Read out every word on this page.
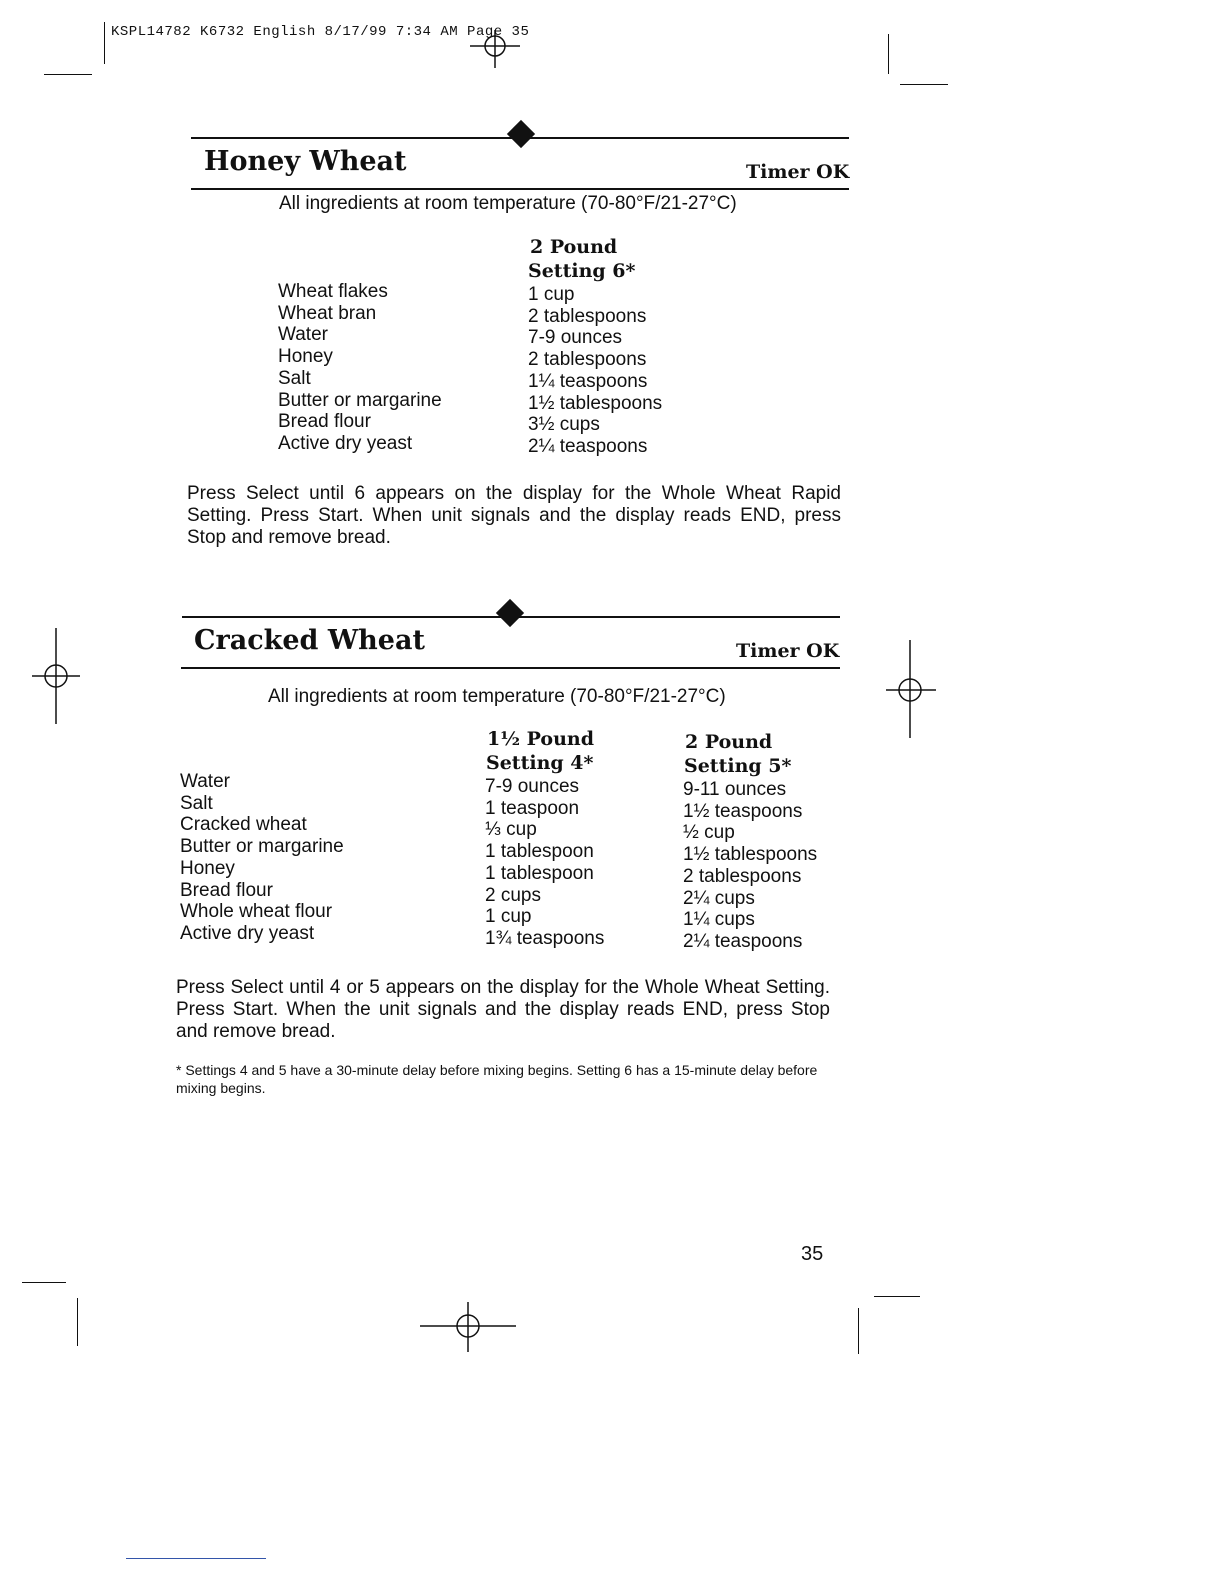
KSPL14782 K6732 English 8/17/99 7:34 AM Page 35
Honey Wheat	Timer OK
All ingredients at room temperature (70-80°F/21-27°C)
2 Pound
Setting 6*
Wheat flakes
Wheat bran
Water
Honey
Salt
Butter or margarine
Bread flour
Active dry yeast
1 cup
2 tablespoons
7-9 ounces
2 tablespoons
1¼ teaspoons
1½ tablespoons
3½ cups
2¼ teaspoons

Press Select until 6 appears on the display for the Whole Wheat Rapid Setting. Press Start. When unit signals and the display reads END, press Stop and remove bread.

Cracked Wheat	Timer OK
All ingredients at room temperature (70-80°F/21-27°C)
1½ Pound
Setting 4*
2 Pound
Setting 5*
Water
Salt
Cracked wheat
Butter or margarine
Honey
Bread flour
Whole wheat flour
Active dry yeast
7-9 ounces
1 teaspoon
⅓ cup
1 tablespoon
1 tablespoon
2 cups
1 cup
1¾ teaspoons
9-11 ounces
1½ teaspoons
½ cup
1½ tablespoons
2 tablespoons
2¼ cups
1¼ cups
2¼ teaspoons

Press Select until 4 or 5 appears on the display for the Whole Wheat Setting. Press Start. When the unit signals and the display reads END, press Stop and remove bread.

* Settings 4 and 5 have a 30-minute delay before mixing begins. Setting 6 has a 15-minute delay before mixing begins.

35
